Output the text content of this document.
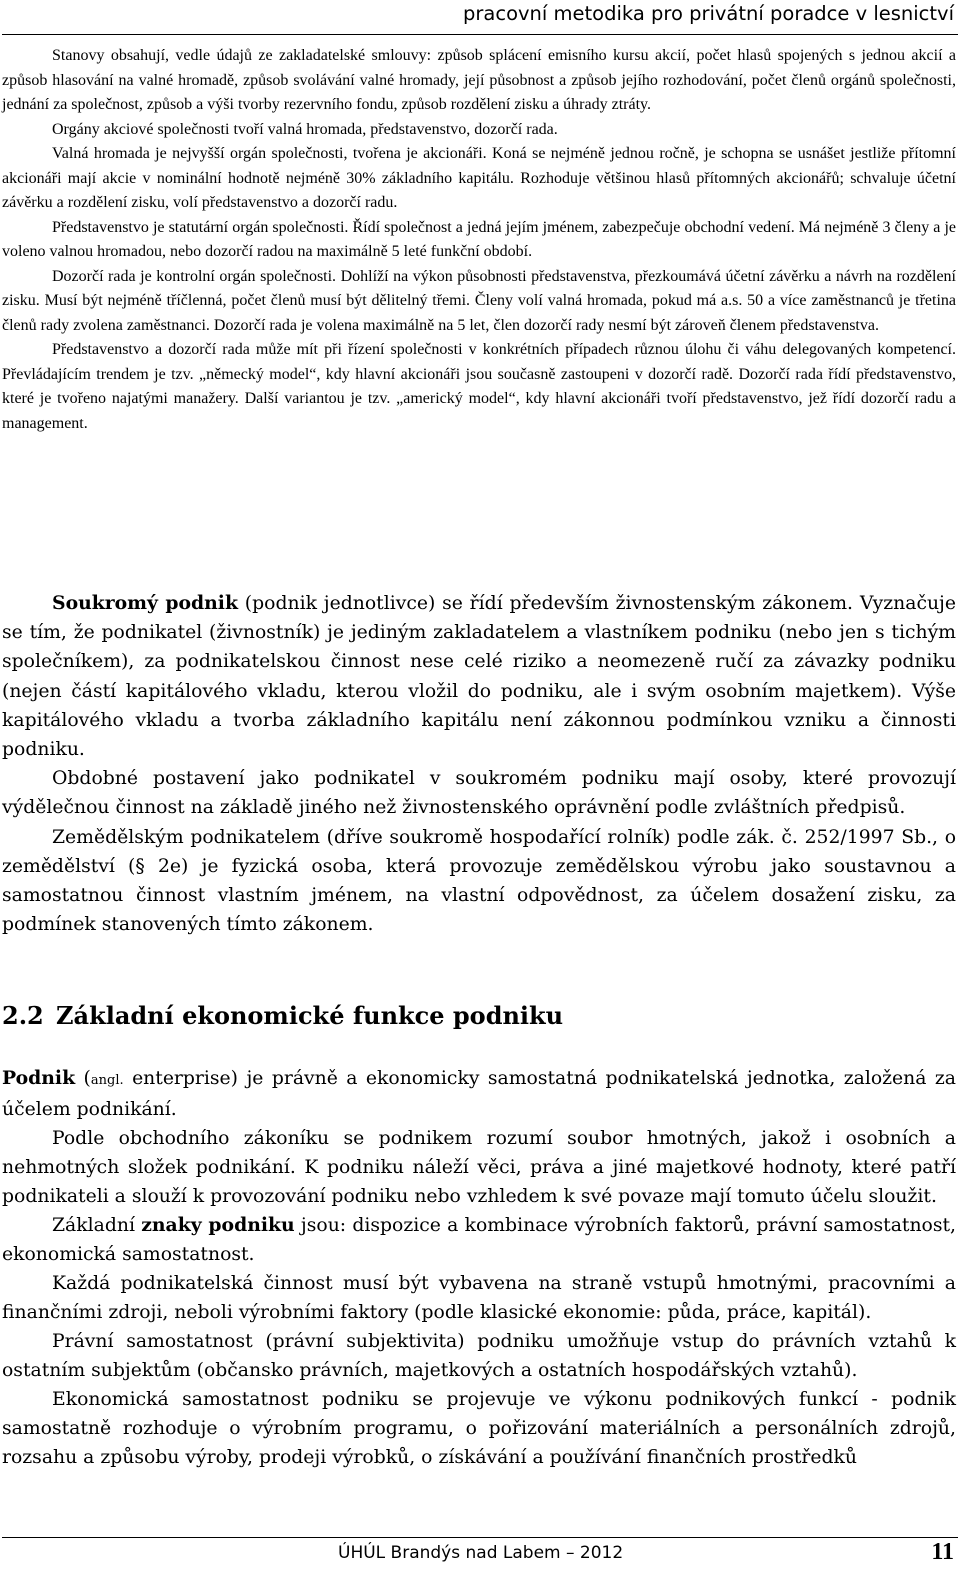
pracovní metodika pro privátní poradce v lesnictví

Stanovy obsahují, vedle údajů ze zakladatelské smlouvy: způsob splácení emisního kursu akcií, počet hlasů spojených s jednou akcií a způsob hlasování na valné hromadě, způsob svolávání valné hromady, její působnost a způsob jejího rozhodování, počet členů orgánů společnosti, jednání za společnost, způsob a výši tvorby rezervního fondu, způsob rozdělení zisku a úhrady ztráty.

Orgány akciové společnosti tvoří valná hromada, představenstvo, dozorčí rada.

Valná hromada je nejvyšší orgán společnosti, tvořena je akcionáři. Koná se nejméně jednou ročně, je schopna se usnášet jestliže přítomní akcionáři mají akcie v nominální hodnotě nejméně 30% základního kapitálu. Rozhoduje většinou hlasů přítomných akcionářů; schvaluje účetní závěrku a rozdělení zisku, volí představenstvo a dozorčí radu.

Představenstvo je statutární orgán společnosti. Řídí společnost a jedná jejím jménem, zabezpečuje obchodní vedení. Má nejméně 3 členy a je voleno valnou hromadou, nebo dozorčí radou na maximálně 5 leté funkční období.

Dozorčí rada je kontrolní orgán společnosti. Dohlíží na výkon působnosti představenstva, přezkoumává účetní závěrku a návrh na rozdělení zisku. Musí být nejméně tříčlenná, počet členů musí být dělitelný třemi. Členy volí valná hromada, pokud má a.s. 50 a více zaměstnanců je třetina členů rady zvolena zaměstnanci. Dozorčí rada je volena maximálně na 5 let, člen dozorčí rady nesmí být zároveň členem představenstva.

Představenstvo a dozorčí rada může mít při řízení společnosti v konkrétních případech různou úlohu či váhu delegovaných kompetencí. Převládajícím trendem je tzv. „německý model“, kdy hlavní akcionáři jsou současně zastoupeni v dozorčí radě. Dozorčí rada řídí představenstvo, které je tvořeno najatými manažery. Další variantou je tzv. „americký model“, kdy hlavní akcionáři tvoří představenstvo, jež řídí dozorčí radu a management.

Soukromý podnik (podnik jednotlivce) se řídí především živnostenským zákonem. Vyznačuje se tím, že podnikatel (živnostník) je jediným zakladatelem a vlastníkem podniku (nebo jen s tichým společníkem), za podnikatelskou činnost nese celé riziko a neomezeně ručí za závazky podniku (nejen částí kapitálového vkladu, kterou vložil do podniku, ale i svým osobním majetkem). Výše kapitálového vkladu a tvorba základního kapitálu není zákonnou podmínkou vzniku a činnosti podniku.

Obdobné postavení jako podnikatel v soukromém podniku mají osoby, které provozují výdělečnou činnost na základě jiného než živnostenského oprávnění podle zvláštních předpisů.

Zemědělským podnikatelem (dříve soukromě hospodařící rolník) podle zák. č. 252/1997 Sb., o zemědělství (§ 2e) je fyzická osoba, která provozuje zemědělskou výrobu jako soustavnou a samostatnou činnost vlastním jménem, na vlastní odpovědnost, za účelem dosažení zisku, za podmínek stanovených tímto zákonem.

2.2 Základní ekonomické funkce podniku

Podnik (angl. enterprise) je právně a ekonomicky samostatná podnikatelská jednotka, založená za účelem podnikání.

Podle obchodního zákoníku se podnikem rozumí soubor hmotných, jakož i osobních a nehmotných složek podnikání. K podniku náleží věci, práva a jiné majetkové hodnoty, které patří podnikateli a slouží k provozování podniku nebo vzhledem k své povaze mají tomuto účelu sloužit.

Základní znaky podniku jsou: dispozice a kombinace výrobních faktorů, právní samostatnost, ekonomická samostatnost.

Každá podnikatelská činnost musí být vybavena na straně vstupů hmotnými, pracovními a finančními zdroji, neboli výrobními faktory (podle klasické ekonomie: půda, práce, kapitál).

Právní samostatnost (právní subjektivita) podniku umožňuje vstup do právních vztahů k ostatním subjektům (občansko právních, majetkových a ostatních hospodářských vztahů).

Ekonomická samostatnost podniku se projevuje ve výkonu podnikových funkcí - podnik samostatně rozhoduje o výrobním programu, o pořizování materiálních a personálních zdrojů, rozsahu a způsobu výroby, prodeji výrobků, o získávání a používání finančních prostředků

ÚHÚL Brandýs nad Labem – 2012	11
